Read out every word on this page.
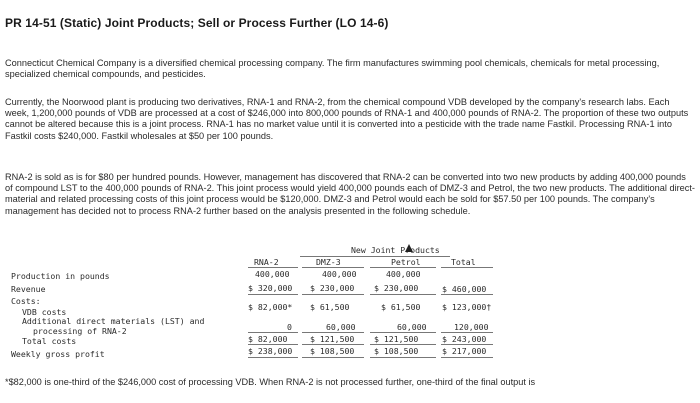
PR 14-51 (Static) Joint Products; Sell or Process Further (LO 14-6)

Connecticut Chemical Company is a diversified chemical processing company. The firm manufactures swimming pool chemicals, chemicals for metal processing, specialized chemical compounds, and pesticides.

Currently, the Noorwood plant is producing two derivatives, RNA-1 and RNA-2, from the chemical compound VDB developed by the company's research labs. Each week, 1,200,000 pounds of VDB are processed at a cost of $246,000 into 800,000 pounds of RNA-1 and 400,000 pounds of RNA-2. The proportion of these two outputs cannot be altered because this is a joint process. RNA-1 has no market value until it is converted into a pesticide with the trade name Fastkil. Processing RNA-1 into Fastkil costs $240,000. Fastkil wholesales at $50 per 100 pounds.

RNA-2 is sold as is for $80 per hundred pounds. However, management has discovered that RNA-2 can be converted into two new products by adding 400,000 pounds of compound LST to the 400,000 pounds of RNA-2. This joint process would yield 400,000 pounds each of DMZ-3 and Petrol, the two new products. The additional direct-material and related processing costs of this joint process would be $120,000. DMZ-3 and Petrol would each be sold for $57.50 per 100 pounds. The company's management has decided not to process RNA-2 further based on the analysis presented in the following schedule.

New Joint Products
RNA-2	DMZ-3	Petrol	Total
Production in pounds	400,000	400,000	400,000
Revenue	$ 320,000 $ 230,000 $ 230,000	$ 460,000
Costs:
VDB costs	$ 82,000* $ 61,500	$ 61,500	$ 123,000†
Additional direct materials (LST) and
processing of RNA-2	0	60,000	60,000	120,000
Total costs	$ 82,000	$ 121,500 $ 121,500	$ 243,000
Weekly gross profit	$ 238,000 $ 108,500 $ 108,500	$ 217,000
*$82,000 is one-third of the $246,000 cost of processing VDB. When RNA-2 is not processed further, one-third of the final output is
